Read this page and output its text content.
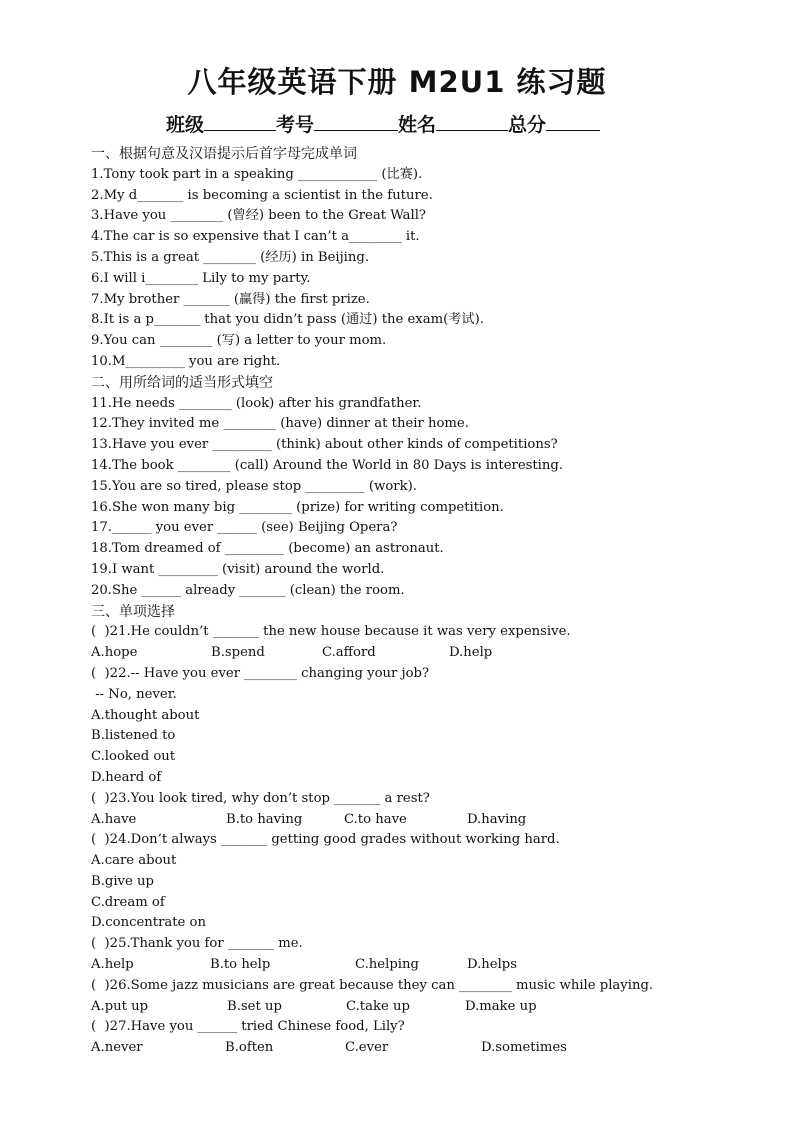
八年级英语下册 M2U1 练习题
班级	考号	姓名	总分
一、根据句意及汉语提示后首字母完成单词
1.Tony took part in a speaking ____________ (比赛).
2.My d_______ is becoming a scientist in the future.
3.Have you ________ (曾经) been to the Great Wall?
4.The car is so expensive that I can’t a________ it.
5.This is a great ________ (经历) in Beijing.
6.I will i________ Lily to my party.
7.My brother _______ (赢得) the first prize.
8.It is a p_______ that you didn’t pass (通过) the exam(考试).
9.You can ________ (写) a letter to your mom.
10.M_________ you are right.
二、用所给词的适当形式填空
11.He needs ________ (look) after his grandfather.
12.They invited me ________ (have) dinner at their home.
13.Have you ever _________ (think) about other kinds of competitions?
14.The book ________ (call) Around the World in 80 Days is interesting.
15.You are so tired, please stop _________ (work).
16.She won many big ________ (prize) for writing competition.
17.______ you ever ______ (see) Beijing Opera?
18.Tom dreamed of _________ (become) an astronaut.
19.I want _________ (visit) around the world.
20.She ______ already _______ (clean) the room.
三、单项选择
(  )21.He couldn’t _______ the new house because it was very expensive.
A.hope	B.spend	C.afford	D.help
(  )22.-- Have you ever ________ changing your job?
-- No, never.
A.thought about
B.listened to
C.looked out
D.heard of
(  )23.You look tired, why don’t stop _______ a rest?
A.have	B.to having	C.to have	D.having
(  )24.Don’t always _______ getting good grades without working hard.
A.care about
B.give up
C.dream of
D.concentrate on
(  )25.Thank you for _______ me.
A.help	B.to help	C.helping	D.helps
(  )26.Some jazz musicians are great because they can ________ music while playing.
A.put up	B.set up	C.take up	D.make up
(  )27.Have you ______ tried Chinese food, Lily?
A.never	B.often	C.ever	D.sometimes
